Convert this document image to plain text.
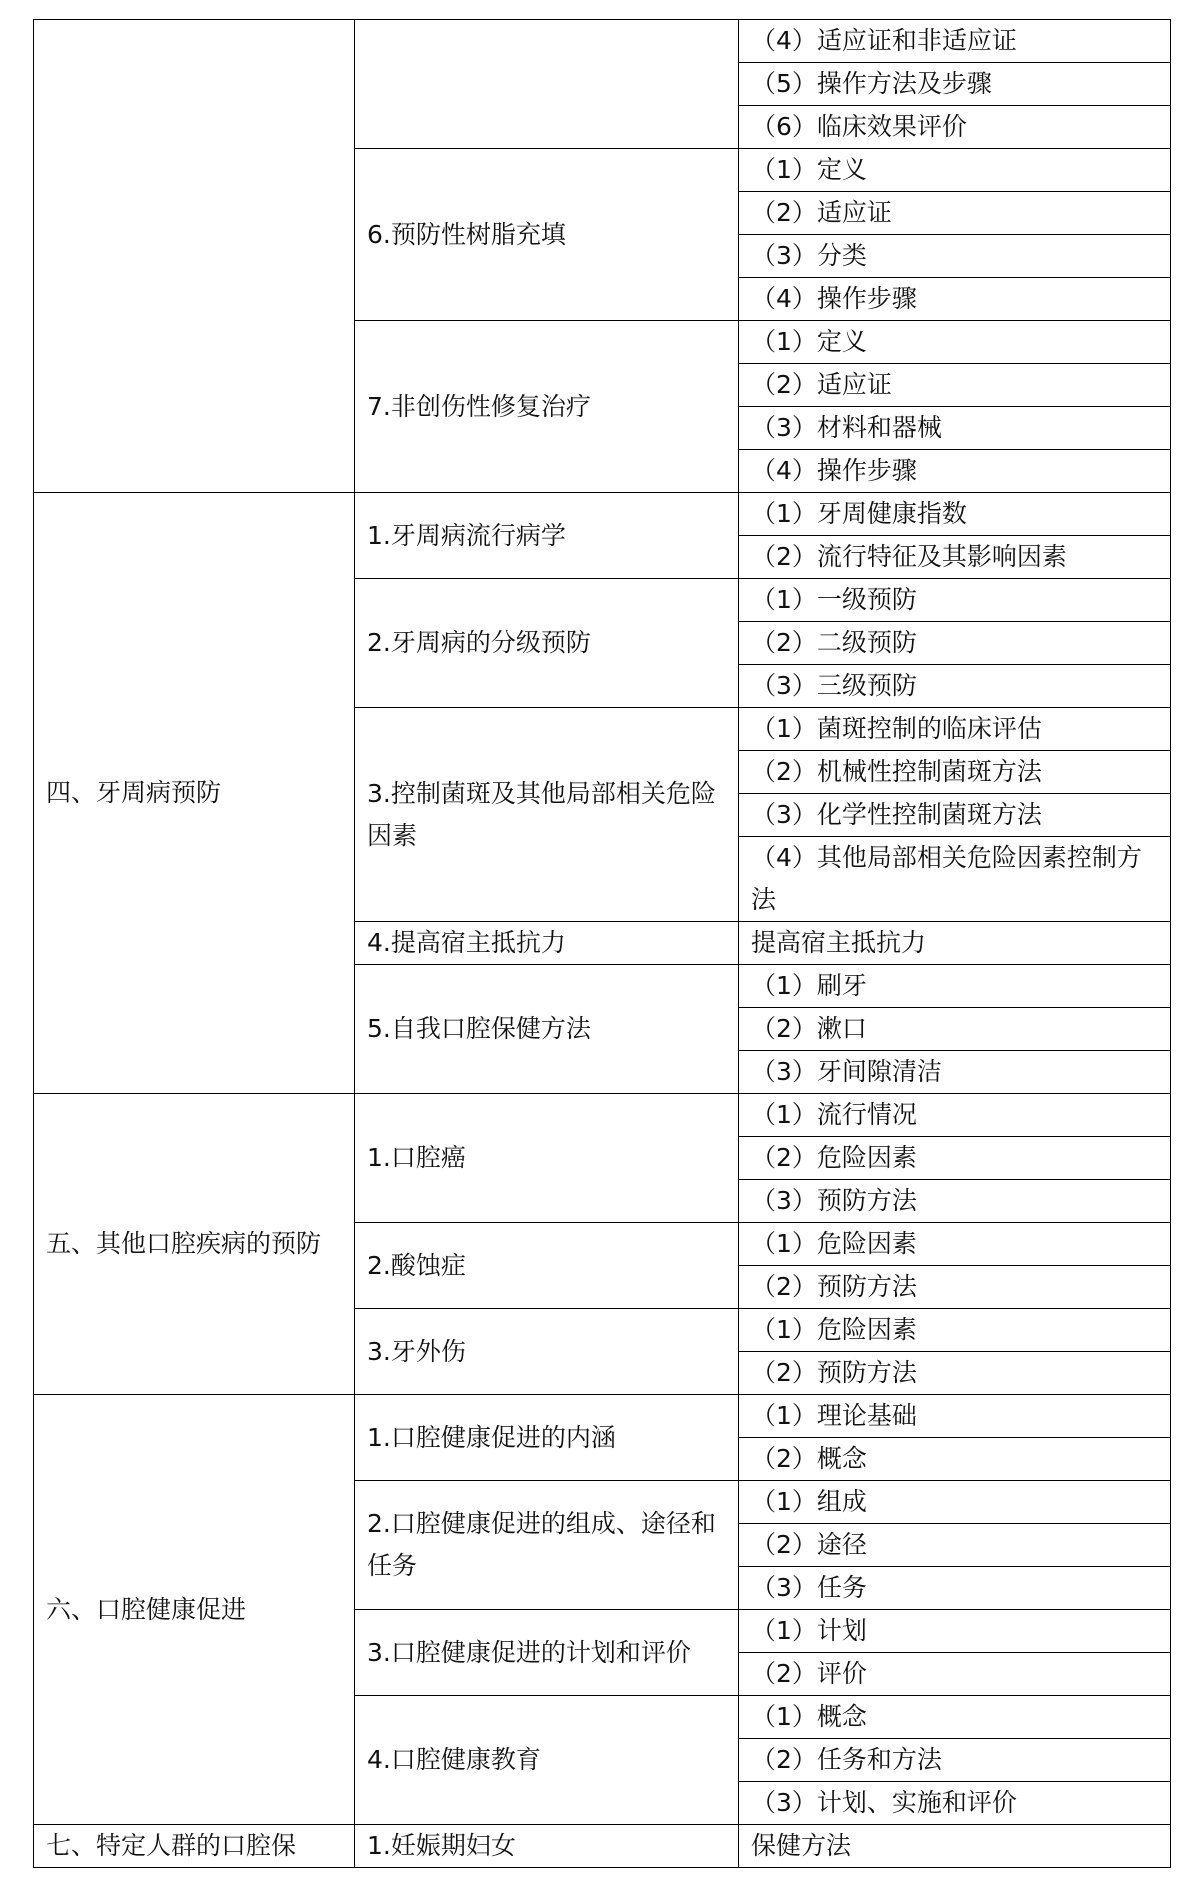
		（4）适应证和非适应证
		（5）操作方法及步骤
		（6）临床效果评价
	6.预防性树脂充填	（1）定义
		（2）适应证
		（3）分类
		（4）操作步骤
	7.非创伤性修复治疗	（1）定义
		（2）适应证
		（3）材料和器械
		（4）操作步骤
四、牙周病预防	1.牙周病流行病学	（1）牙周健康指数
		（2）流行特征及其影响因素
	2.牙周病的分级预防	（1）一级预防
		（2）二级预防
		（3）三级预防
	3.控制菌斑及其他局部相关危险因素	（1）菌斑控制的临床评估
		（2）机械性控制菌斑方法
		（3）化学性控制菌斑方法
		（4）其他局部相关危险因素控制方法
	4.提高宿主抵抗力	提高宿主抵抗力
	5.自我口腔保健方法	（1）刷牙
		（2）漱口
		（3）牙间隙清洁
五、其他口腔疾病的预防	1.口腔癌	（1）流行情况
		（2）危险因素
		（3）预防方法
	2.酸蚀症	（1）危险因素
		（2）预防方法
	3.牙外伤	（1）危险因素
		（2）预防方法
六、口腔健康促进	1.口腔健康促进的内涵	（1）理论基础
		（2）概念
	2.口腔健康促进的组成、途径和任务	（1）组成
		（2）途径
		（3）任务
	3.口腔健康促进的计划和评价	（1）计划
		（2）评价
	4.口腔健康教育	（1）概念
		（2）任务和方法
		（3）计划、实施和评价
七、特定人群的口腔保	1.妊娠期妇女	保健方法
